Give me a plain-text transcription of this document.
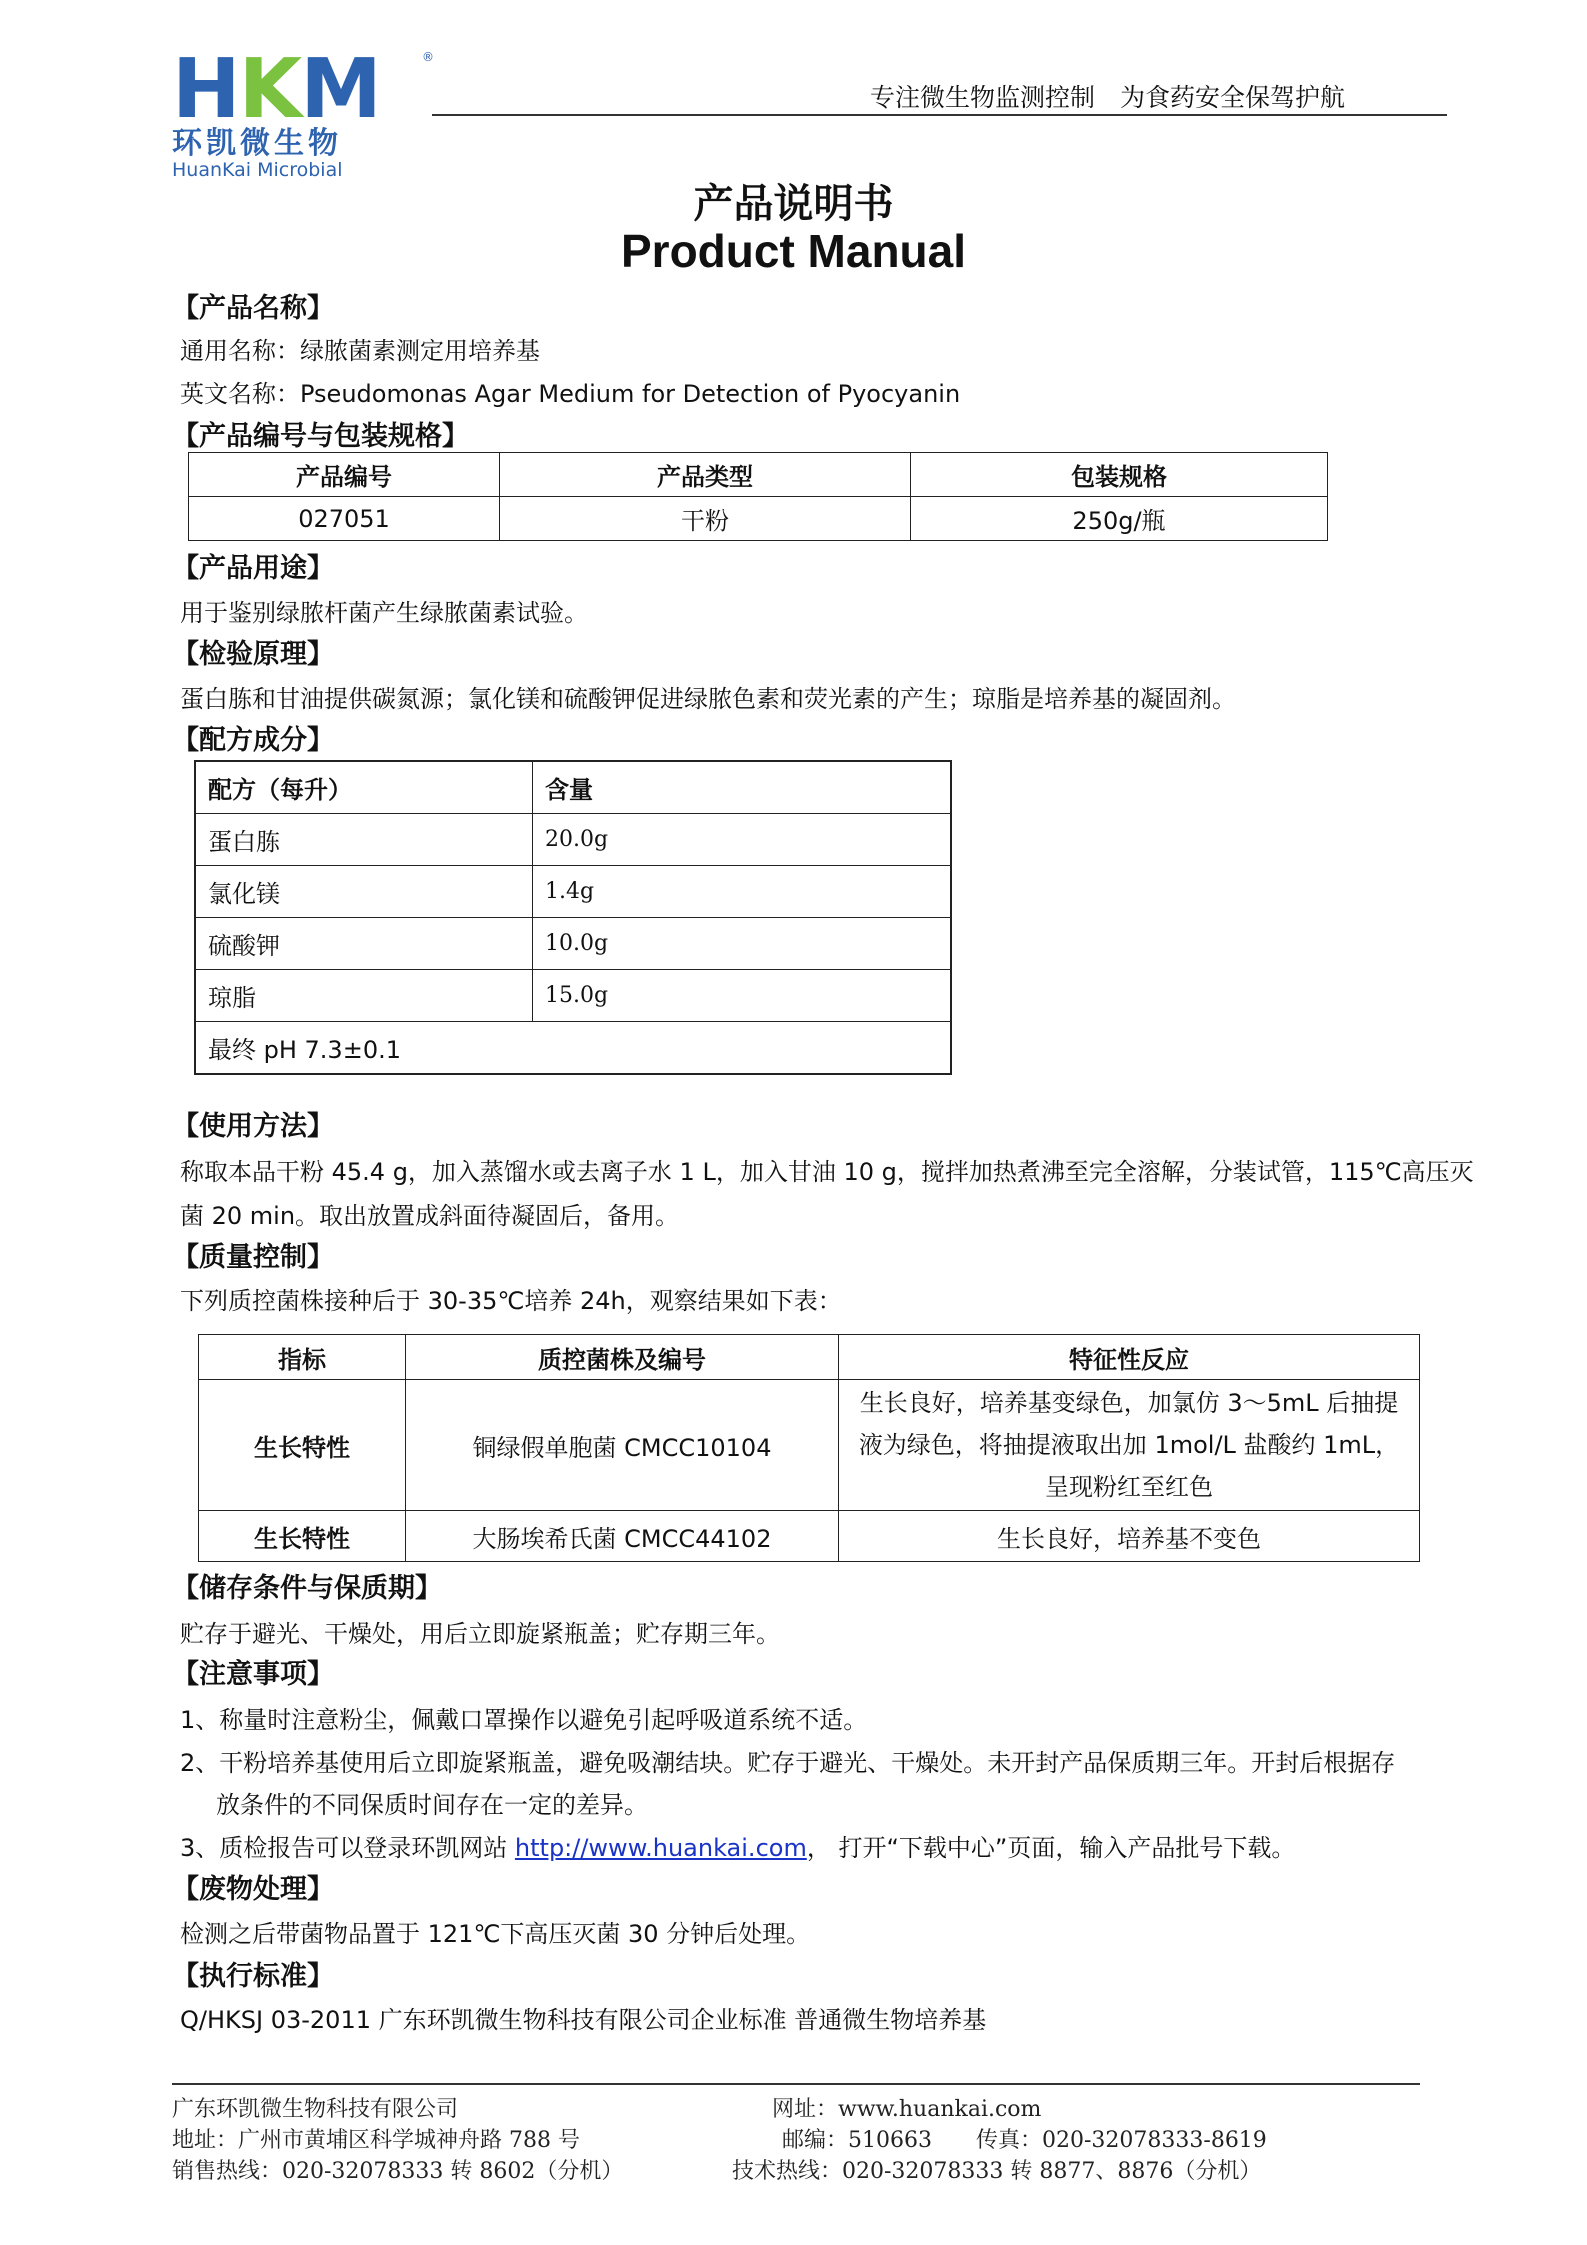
HKM	®
环凯微生物
HuanKai Microbial
专注微生物监测控制　为食药安全保驾护航
产品说明书
Product Manual
【产品名称】
通用名称：绿脓菌素测定用培养基
英文名称：Pseudomonas Agar Medium for Detection of Pyocyanin
【产品编号与包装规格】
产品编号	产品类型	包装规格
027051	干粉	250g/瓶
【产品用途】
用于鉴别绿脓杆菌产生绿脓菌素试验。
【检验原理】
蛋白胨和甘油提供碳氮源；氯化镁和硫酸钾促进绿脓色素和荧光素的产生；琼脂是培养基的凝固剂。
【配方成分】
配方（每升）	含量
蛋白胨	20.0g
氯化镁	1.4g
硫酸钾	10.0g
琼脂	15.0g
最终 pH 7.3±0.1	
【使用方法】
称取本品干粉 45.4 g，加入蒸馏水或去离子水 1 L，加入甘油 10 g，搅拌加热煮沸至完全溶解，分装试管，115℃高压灭
菌 20 min。取出放置成斜面待凝固后，备用。
【质量控制】
下列质控菌株接种后于 30-35℃培养 24h，观察结果如下表：
指标	质控菌株及编号	特征性反应
生长特性	铜绿假单胞菌 CMCC10104	生长良好，培养基变绿色，加氯仿 3～5mL 后抽提液为绿色，将抽提液取出加 1mol/L 盐酸约 1mL，呈现粉红至红色
生长特性	大肠埃希氏菌 CMCC44102	生长良好，培养基不变色
【储存条件与保质期】
贮存于避光、干燥处，用后立即旋紧瓶盖；贮存期三年。
【注意事项】
1、称量时注意粉尘，佩戴口罩操作以避免引起呼吸道系统不适。
2、干粉培养基使用后立即旋紧瓶盖，避免吸潮结块。贮存于避光、干燥处。未开封产品保质期三年。开封后根据存
放条件的不同保质时间存在一定的差异。
3、质检报告可以登录环凯网站 http://www.huankai.com， 打开“下载中心”页面，输入产品批号下载。
【废物处理】
检测之后带菌物品置于 121℃下高压灭菌 30 分钟后处理。
【执行标准】
Q/HKSJ 03-2011 广东环凯微生物科技有限公司企业标准 普通微生物培养基
广东环凯微生物科技有限公司
地址：广州市黄埔区科学城神舟路 788 号
销售热线：020-32078333 转 8602（分机）
网址：www.huankai.com
邮编：510663　　传真：020-32078333-8619
技术热线：020-32078333 转 8877、8876（分机）
